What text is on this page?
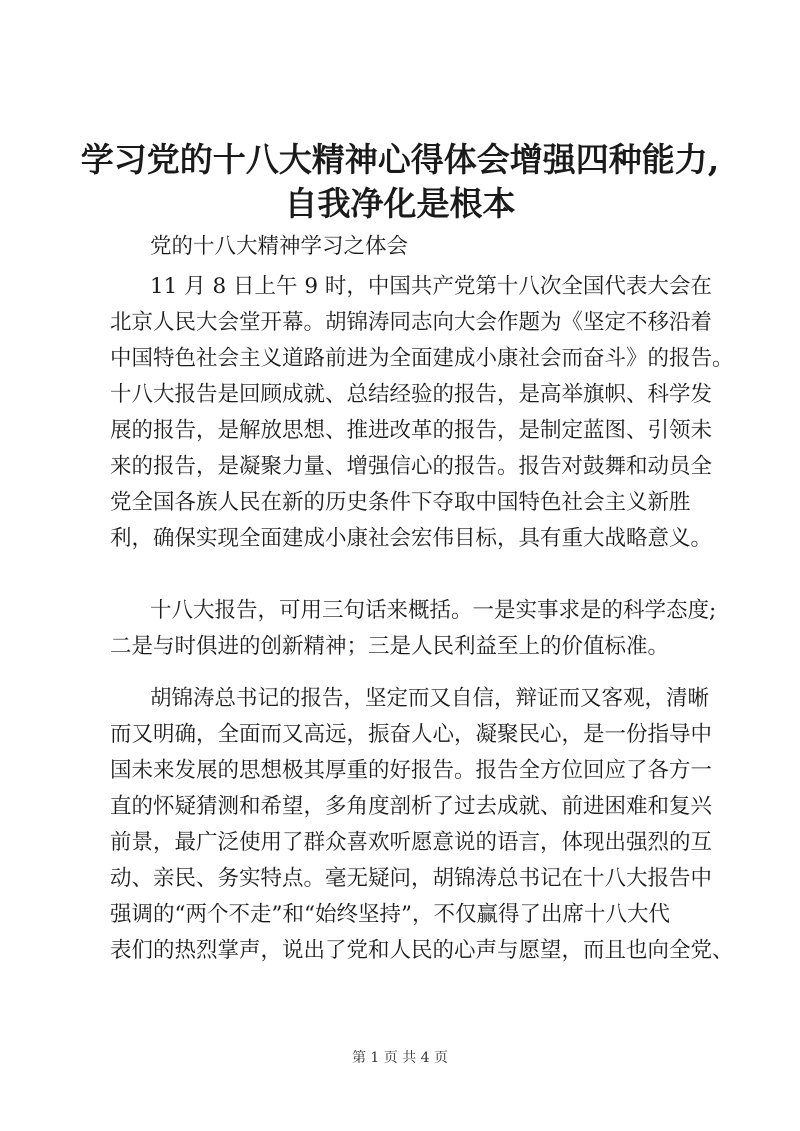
学习党的十八大精神心得体会增强四种能力,
自我净化是根本
党的十八大精神学习之体会
11 月 8 日上午 9 时，中国共产党第十八次全国代表大会在
北京人民大会堂开幕。胡锦涛同志向大会作题为《坚定不移沿着
中国特色社会主义道路前进为全面建成小康社会而奋斗》的报告。
十八大报告是回顾成就、总结经验的报告，是高举旗帜、科学发
展的报告，是解放思想、推进改革的报告，是制定蓝图、引领未
来的报告，是凝聚力量、增强信心的报告。报告对鼓舞和动员全
党全国各族人民在新的历史条件下夺取中国特色社会主义新胜
利，确保实现全面建成小康社会宏伟目标，具有重大战略意义。
十八大报告，可用三句话来概括。一是实事求是的科学态度;
二是与时俱进的创新精神；三是人民利益至上的价值标准。
胡锦涛总书记的报告，坚定而又自信，辩证而又客观，清晰
而又明确，全面而又高远，振奋人心，凝聚民心，是一份指导中
国未来发展的思想极其厚重的好报告。报告全方位回应了各方一
直的怀疑猜测和希望，多角度剖析了过去成就、前进困难和复兴
前景，最广泛使用了群众喜欢听愿意说的语言，体现出强烈的互
动、亲民、务实特点。毫无疑问，胡锦涛总书记在十八大报告中
强调的“两个不走”和“始终坚持”，不仅赢得了出席十八大代
表们的热烈掌声，说出了党和人民的心声与愿望，而且也向全党、
第 1 页 共 4 页
